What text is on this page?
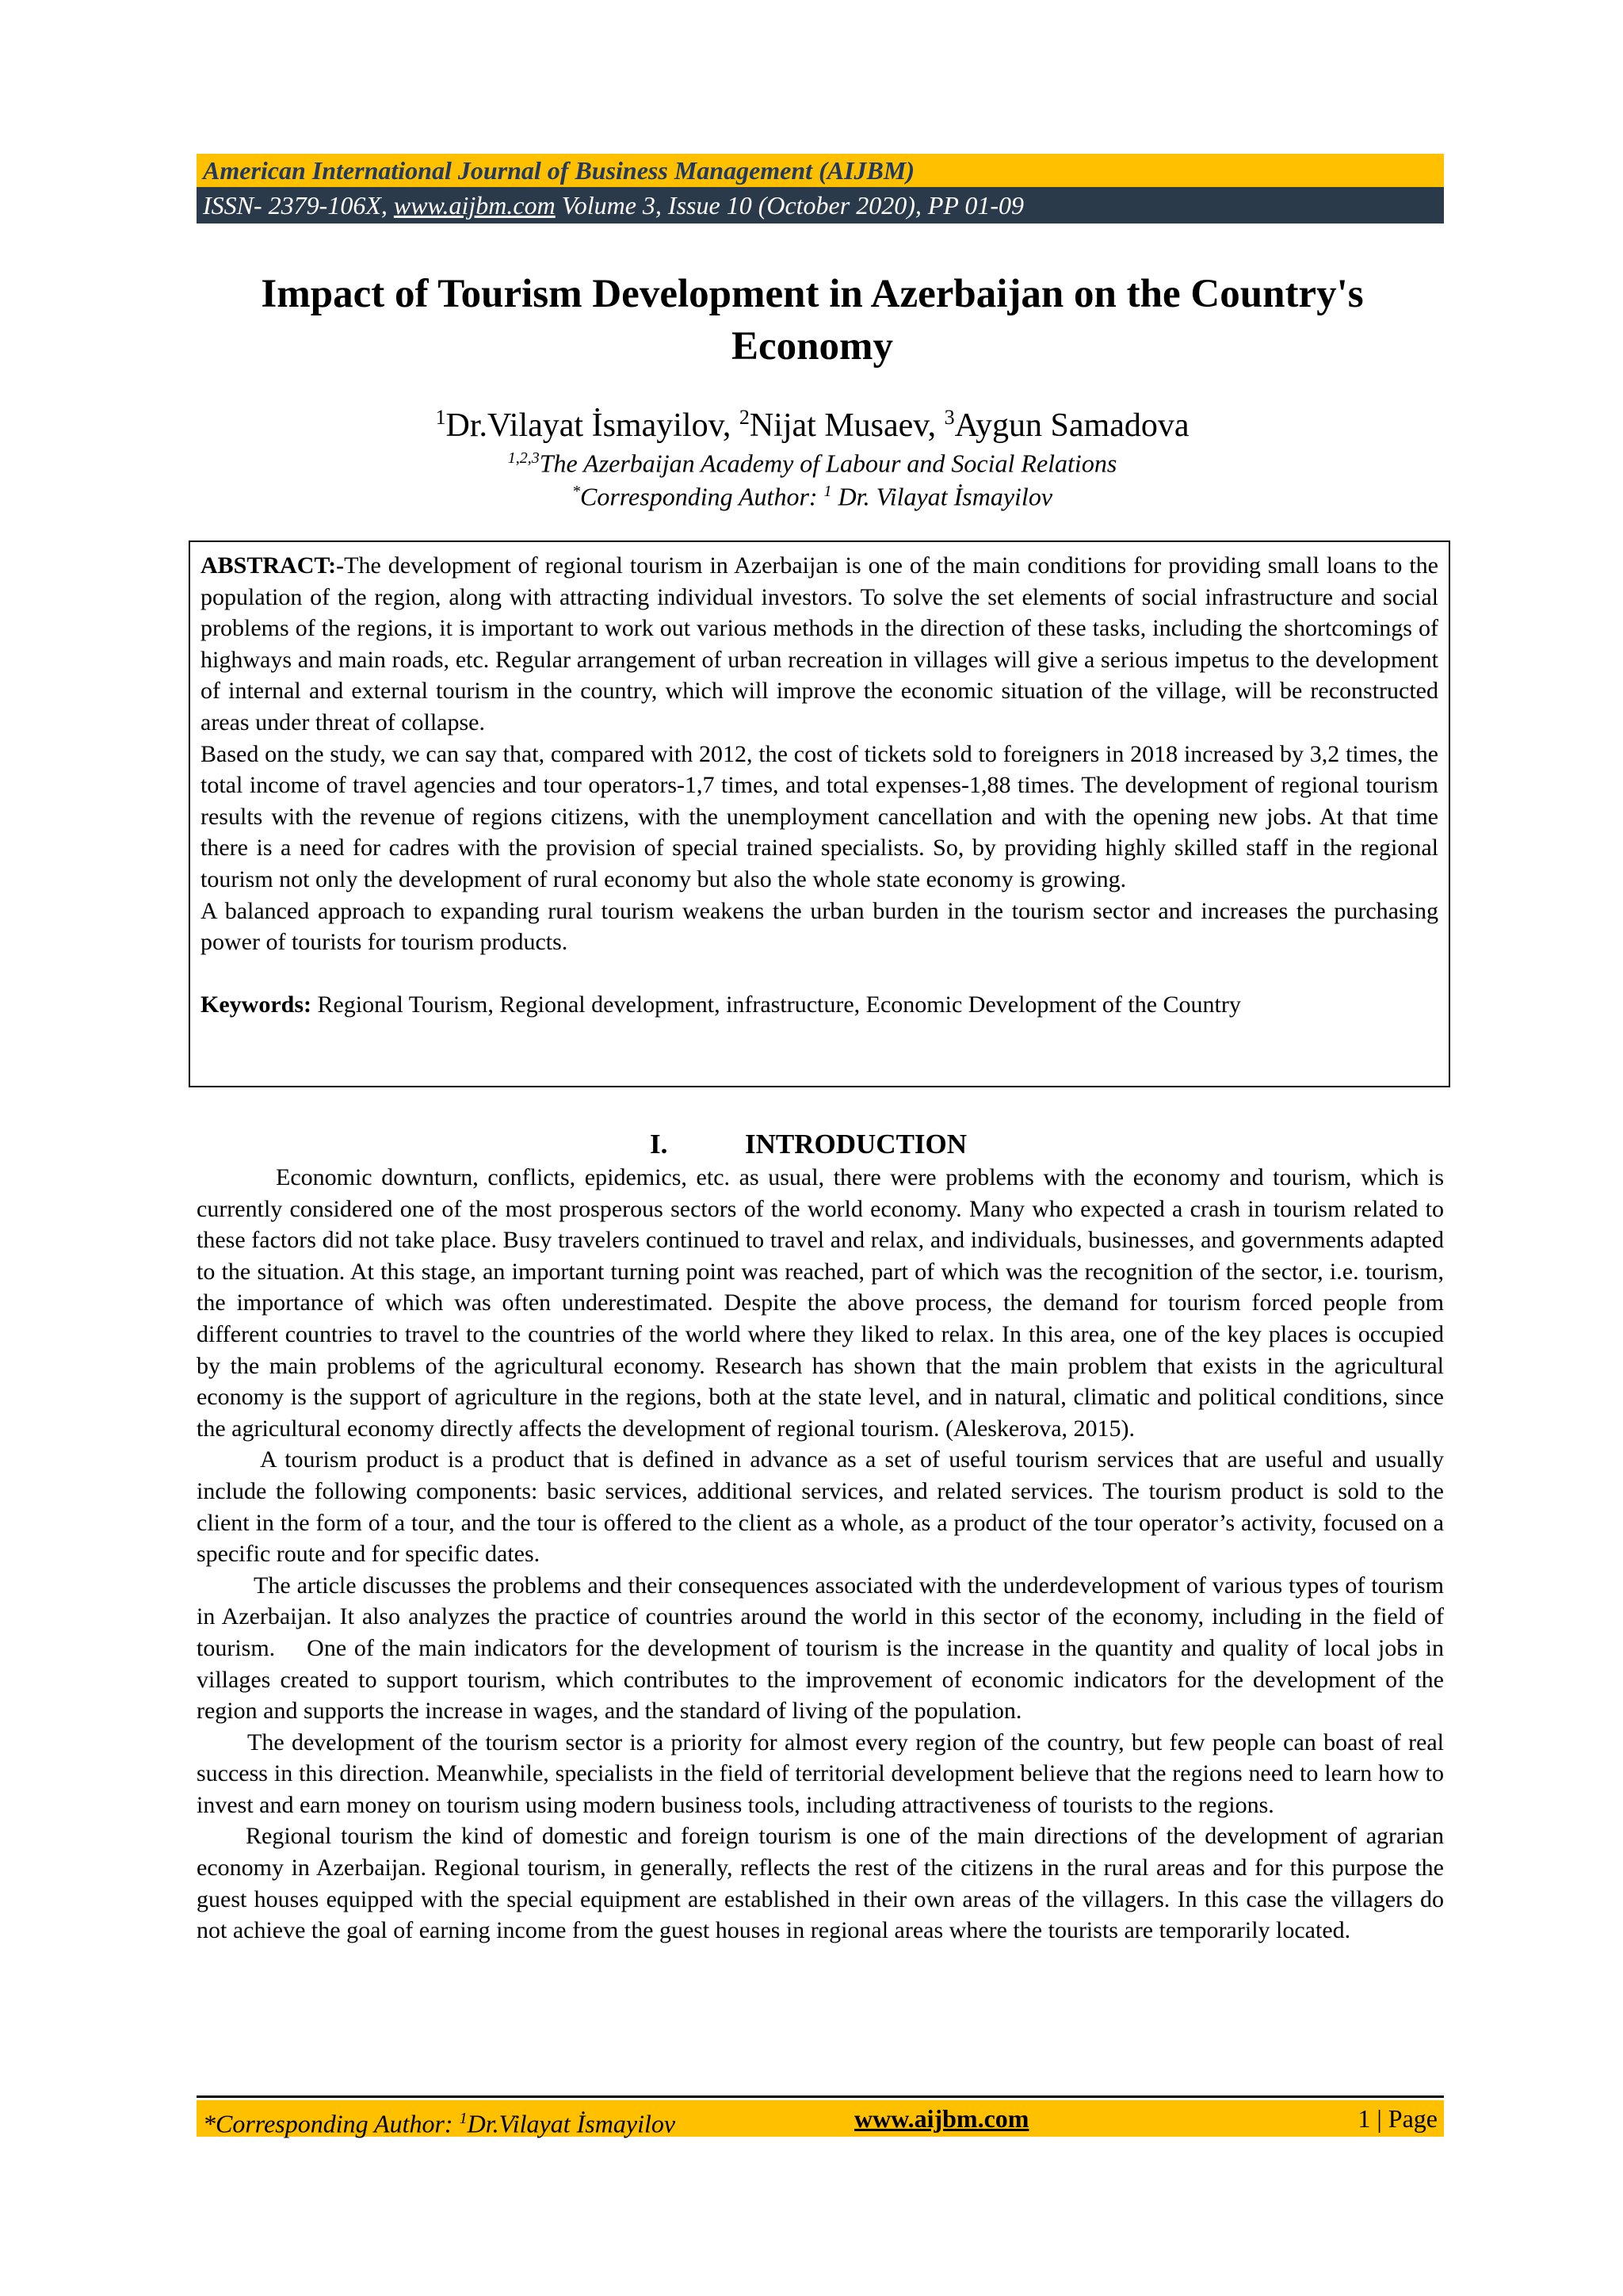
American International Journal of Business Management (AIJBM)
ISSN- 2379-106X, www.aijbm.com Volume 3, Issue 10 (October 2020), PP 01-09
Impact of Tourism Development in Azerbaijan on the Country's
Economy
$^1$Dr.Vilayat İsmayilov, $^2$Nijat Musaev, $^3$Aygun Samadova
$^{1,2,3}$The Azerbaijan Academy of Labour and Social Relations
*Corresponding Author: $^1$ Dr. Vilayat İsmayilov

ABSTRACT:-The development of regional tourism in Azerbaijan is one of the main conditions for providing small loans to the population of the region, along with attracting individual investors. To solve the set elements of social infrastructure and social problems of the regions, it is important to work out various methods in the direction of these tasks, including the shortcomings of highways and main roads, etc. Regular arrangement of urban recreation in villages will give a serious impetus to the development of internal and external tourism in the country, which will improve the economic situation of the village, will be reconstructed areas under threat of collapse.

Based on the study, we can say that, compared with 2012, the cost of tickets sold to foreigners in 2018 increased by 3,2 times, the total income of travel agencies and tour operators-1,7 times, and total expenses-1,88 times. The development of regional tourism results with the revenue of regions citizens, with the unemployment cancellation and with the opening new jobs. At that time there is a need for cadres with the provision of special trained specialists. So, by providing highly skilled staff in the regional tourism not only the development of rural economy but also the whole state economy is growing.

A balanced approach to expanding rural tourism weakens the urban burden in the tourism sector and increases the purchasing power of tourists for tourism products.

Keywords: Regional Tourism, Regional development, infrastructure, Economic Development of the Country

I.	INTRODUCTION

Economic downturn, conflicts, epidemics, etc. as usual, there were problems with the economy and tourism, which is currently considered one of the most prosperous sectors of the world economy. Many who expected a crash in tourism related to these factors did not take place. Busy travelers continued to travel and relax, and individuals, businesses, and governments adapted to the situation. At this stage, an important turning point was reached, part of which was the recognition of the sector, i.e. tourism, the importance of which was often underestimated. Despite the above process, the demand for tourism forced people from different countries to travel to the countries of the world where they liked to relax. In this area, one of the key places is occupied by the main problems of the agricultural economy. Research has shown that the main problem that exists in the agricultural economy is the support of agriculture in the regions, both at the state level, and in natural, climatic and political conditions, since the agricultural economy directly affects the development of regional tourism. (Aleskerova, 2015).

A tourism product is a product that is defined in advance as a set of useful tourism services that are useful and usually include the following components: basic services, additional services, and related services. The tourism product is sold to the client in the form of a tour, and the tour is offered to the client as a whole, as a product of the tour operator’s activity, focused on a specific route and for specific dates.

The article discusses the problems and their consequences associated with the underdevelopment of various types of tourism in Azerbaijan. It also analyzes the practice of countries around the world in this sector of the economy, including in the field of tourism. One of the main indicators for the development of tourism is the increase in the quantity and quality of local jobs in villages created to support tourism, which contributes to the improvement of economic indicators for the development of the region and supports the increase in wages, and the standard of living of the population.

The development of the tourism sector is a priority for almost every region of the country, but few people can boast of real success in this direction. Meanwhile, specialists in the field of territorial development believe that the regions need to learn how to invest and earn money on tourism using modern business tools, including attractiveness of tourists to the regions.

Regional tourism the kind of domestic and foreign tourism is one of the main directions of the development of agrarian economy in Azerbaijan. Regional tourism, in generally, reflects the rest of the citizens in the rural areas and for this purpose the guest houses equipped with the special equipment are established in their own areas of the villagers. In this case the villagers do not achieve the goal of earning income from the guest houses in regional areas where the tourists are temporarily located.

*Corresponding Author: $^1$Dr.Vilayat İsmayilov	www.aijbm.com	1 | Page
